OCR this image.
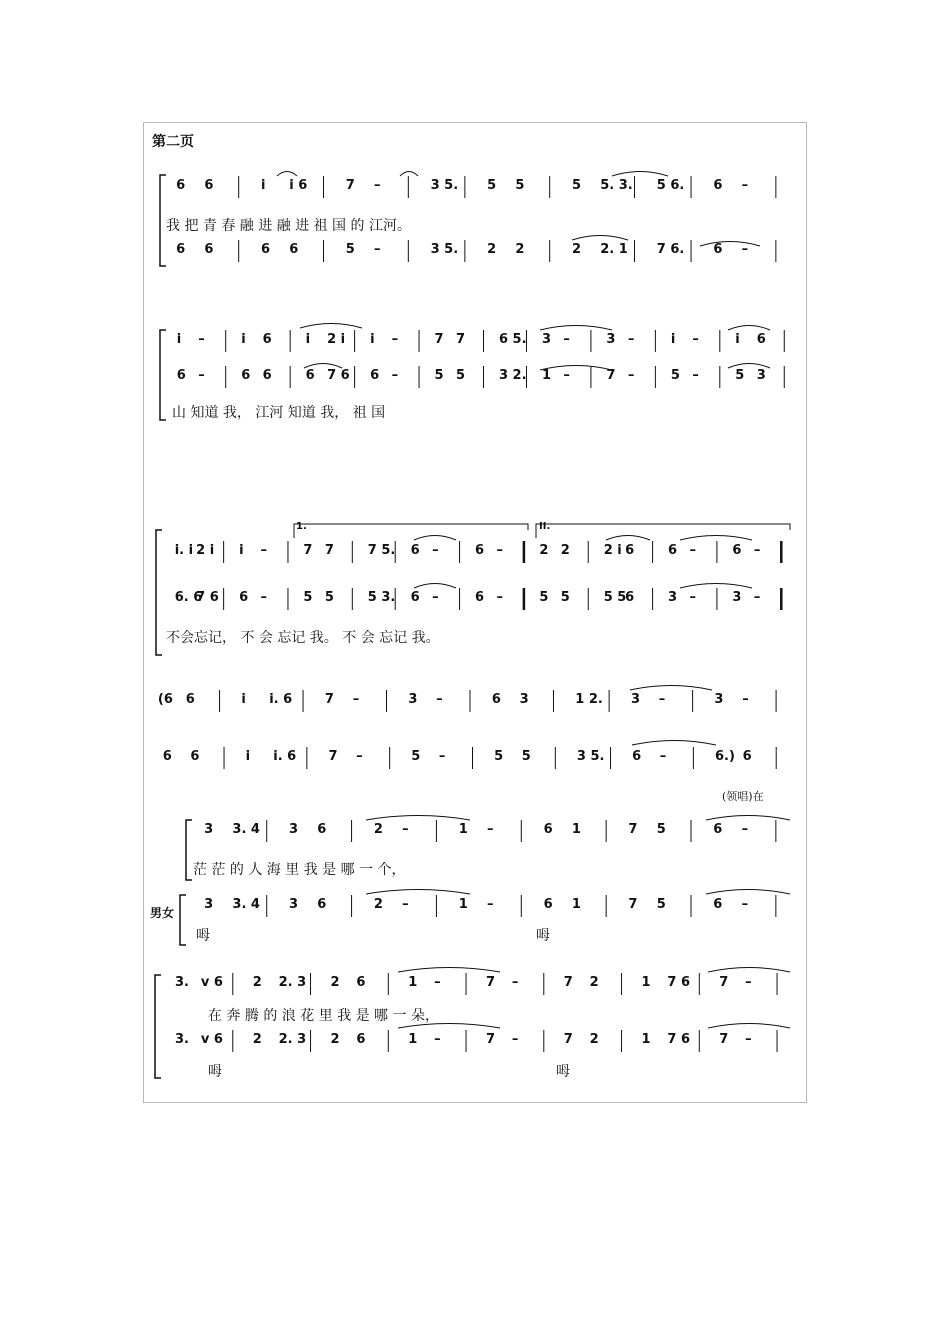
第二页
6 6	i i 6	7 –	3 5. 5 5	5 5. 3. 5 6. 6 –
6 6	6 6	5 –	3 5. 2 2	2 2. 1 7 6. 6 –
i –	i 6	i 2 i i –	7 7	6 5. 3 –	3 –	i –	i 6
6 –	6 6	6 7 6 6 –	5 5	3 2. 1 –	7 –	5 –	5 3
i. i 2 i i –	7 7	7 5. 6 –	6 –	2 2	2 i 6	6 –	6 –
6. 6
7 6 6 –	5 5	5 3. 6 –	6 –	5 5	5 5
6	3 –	3 –
(6 6	i i. 6	7 –	3 –	6 3	1 2. 3 –	3 –
6 6	i i. 6 7 –	5 –	5 5	3 5. 6 –	6.) 6
3 3. 4 3 6	2 –	1 –	6 1	7 5	6 –
3 3. 4 3 6	2 –	1 –	6 1	7 5	6 –
3. v 6 2 2. 3 2 6	1 –	7 –	7 2	1 7 6 7 –
3. v 6 2 2. 3 2 6	1 –	7 –	7 2	1 7 6 7 –
我 把 青 春 融 进 融 进 祖 国 的 江河。
山 知道 我， 江河 知道 我， 祖 国
不会忘记， 不 会 忘记 我。 不 会 忘记 我。
茫 茫 的 人 海 里 我 是 哪 一 个，
呣	呣
在 奔 腾 的 浪 花 里 我 是 哪 一 朵，
呣	呣
(领唱)在
男女
1.	II.
